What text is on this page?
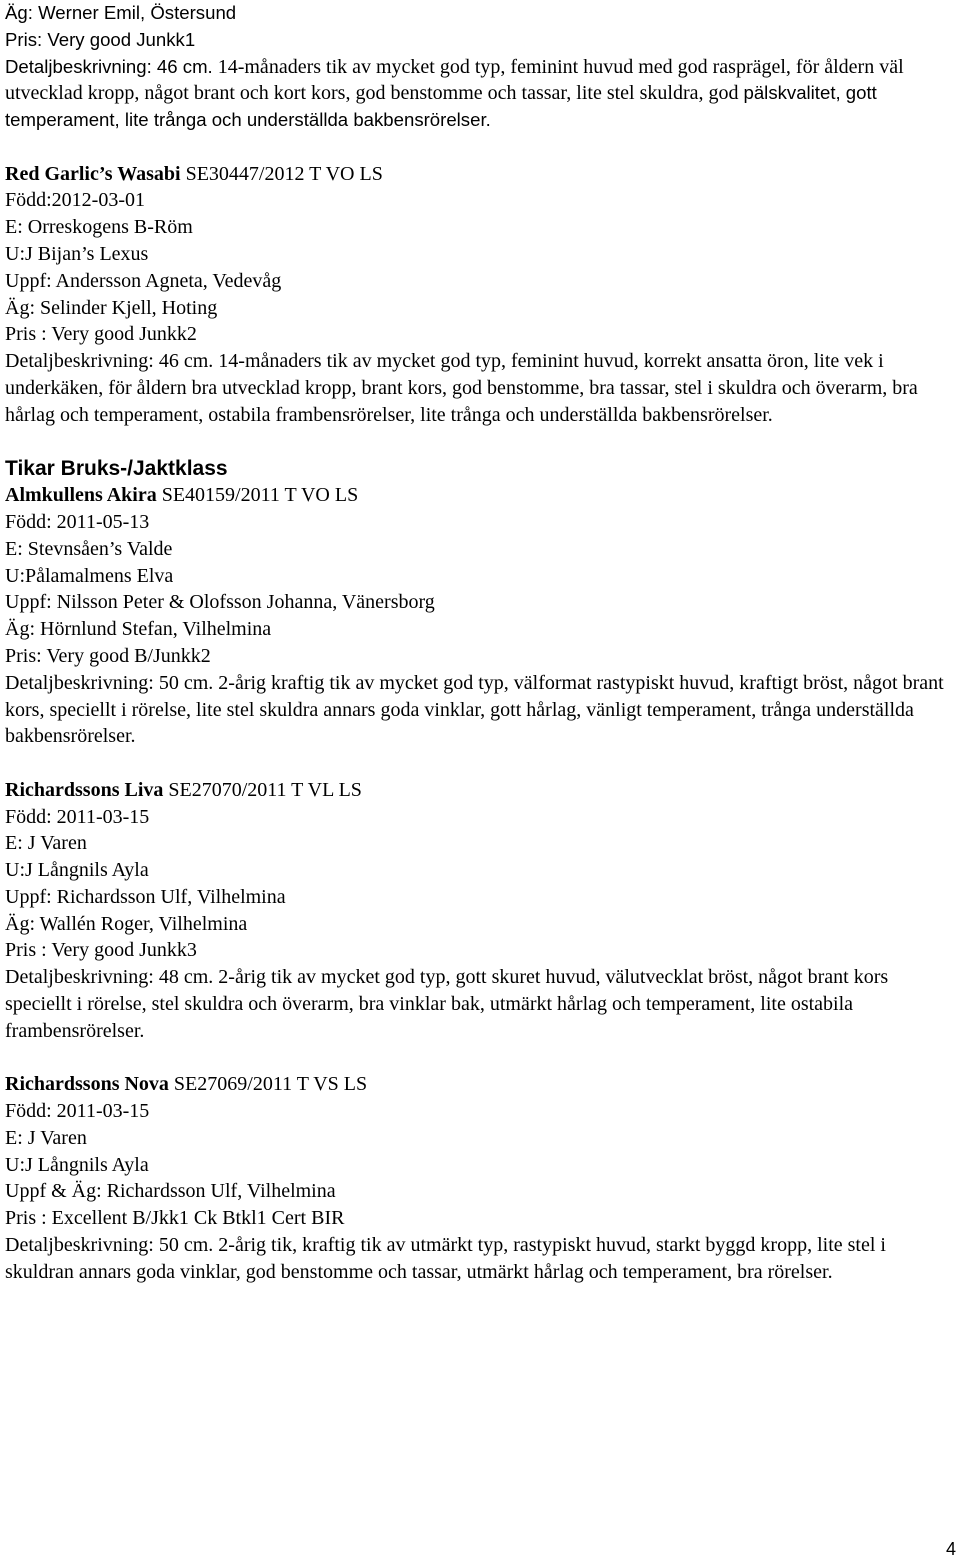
Äg: Werner Emil, Östersund
Pris: Very good Junkk1
Detaljbeskrivning: 46 cm. 14-månaders tik av mycket god typ, feminint huvud med god rasprägel, för åldern väl utvecklad kropp, något brant och kort kors, god benstomme och tassar, lite stel skuldra, god pälskvalitet, gott temperament, lite trånga och underställda bakbensrörelser.
Red Garlic’s Wasabi SE30447/2012 T VO LS
Född:2012-03-01
E: Orreskogens B-Röm
U:J Bijan’s Lexus
Uppf: Andersson Agneta, Vedevåg
Äg: Selinder Kjell, Hoting
Pris : Very good Junkk2
Detaljbeskrivning: 46 cm. 14-månaders tik av mycket god typ, feminint huvud, korrekt ansatta öron, lite vek i underkäken, för åldern bra utvecklad kropp, brant kors, god benstomme, bra tassar, stel i skuldra och överarm, bra hårlag och temperament, ostabila frambensrörelser, lite trånga och underställda bakbensrörelser.
Tikar Bruks-/Jaktklass
Almkullens Akira SE40159/2011 T VO LS
Född: 2011-05-13
E: Stevnsåen’s Valde
U:Pålamalmens Elva
Uppf: Nilsson Peter & Olofsson Johanna, Vänersborg
Äg: Hörnlund Stefan, Vilhelmina
Pris: Very good B/Junkk2
Detaljbeskrivning: 50 cm. 2-årig kraftig tik av mycket god typ, välformat rastypiskt huvud, kraftigt bröst, något brant kors, speciellt i rörelse, lite stel skuldra annars goda vinklar, gott hårlag, vänligt temperament, trånga underställda bakbensrörelser.
Richardssons Liva SE27070/2011 T VL LS
Född: 2011-03-15
E: J Varen
U:J Långnils Ayla
Uppf: Richardsson Ulf, Vilhelmina
Äg: Wallén Roger, Vilhelmina
Pris : Very good Junkk3
Detaljbeskrivning: 48 cm. 2-årig tik av mycket god typ, gott skuret huvud, välutvecklat bröst, något brant kors speciellt i rörelse, stel skuldra och överarm, bra vinklar bak, utmärkt hårlag och temperament, lite ostabila frambensrörelser.
Richardssons Nova SE27069/2011 T VS LS
Född: 2011-03-15
E: J Varen
U:J Långnils Ayla
Uppf & Äg: Richardsson Ulf, Vilhelmina
Pris : Excellent B/Jkk1 Ck Btkl1 Cert BIR
Detaljbeskrivning: 50 cm. 2-årig tik, kraftig tik av utmärkt typ, rastypiskt huvud, starkt byggd kropp, lite stel i skuldran annars goda vinklar, god benstomme och tassar, utmärkt hårlag och temperament, bra rörelser.
4
